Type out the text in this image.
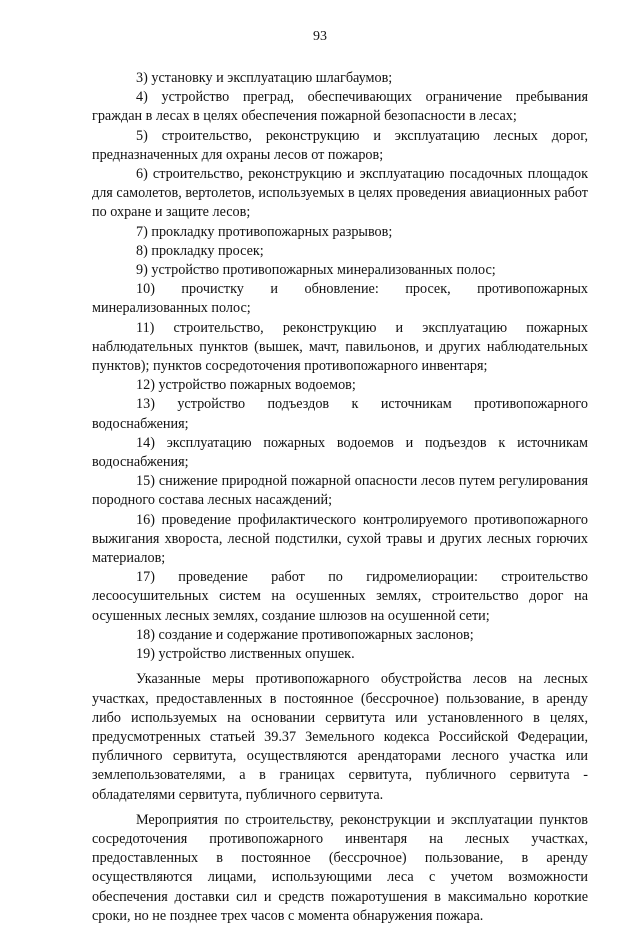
93

3) установку и эксплуатацию шлагбаумов;

4) устройство преград, обеспечивающих ограничение пребывания граждан в лесах в целях обеспечения пожарной безопасности в лесах;

5) строительство, реконструкцию и эксплуатацию лесных дорог, предназначенных для охраны лесов от пожаров;

6) строительство, реконструкцию и эксплуатацию посадочных площадок для самолетов, вертолетов, используемых в целях проведения авиационных работ по охране и защите лесов;

7) прокладку противопожарных разрывов;

8) прокладку просек;

9) устройство противопожарных минерализованных полос;

10) прочистку и обновление: просек, противопожарных минерализованных полос;

11) строительство, реконструкцию и эксплуатацию пожарных наблюдательных пунктов (вышек, мачт, павильонов, и других наблюдательных пунктов); пунктов сосредоточения противопожарного инвентаря;

12) устройство пожарных водоемов;

13) устройство подъездов к источникам противопожарного водоснабжения;

14) эксплуатацию пожарных водоемов и подъездов к источникам водоснабжения;

15) снижение природной пожарной опасности лесов путем регулирования породного состава лесных насаждений;

16) проведение профилактического контролируемого противопожарного выжигания хвороста, лесной подстилки, сухой травы и других лесных горючих материалов;

17) проведение работ по гидромелиорации: строительство лесоосушительных систем на осушенных землях, строительство дорог на осушенных лесных землях, создание шлюзов на осушенной сети;

18) создание и содержание противопожарных заслонов;

19) устройство лиственных опушек.

Указанные меры противопожарного обустройства лесов на лесных участках, предоставленных в постоянное (бессрочное) пользование, в аренду либо используемых на основании сервитута или установленного в целях, предусмотренных статьей 39.37 Земельного кодекса Российской Федерации, публичного сервитута, осуществляются арендаторами лесного участка или землепользователями, а в границах сервитута, публичного сервитута - обладателями сервитута, публичного сервитута.

Мероприятия по строительству, реконструкции и эксплуатации пунктов сосредоточения противопожарного инвентаря на лесных участках, предоставленных в постоянное (бессрочное) пользование, в аренду осуществляются лицами, использующими леса с учетом возможности обеспечения доставки сил и средств пожаротушения в максимально короткие сроки, но не позднее трех часов с момента обнаружения пожара.
